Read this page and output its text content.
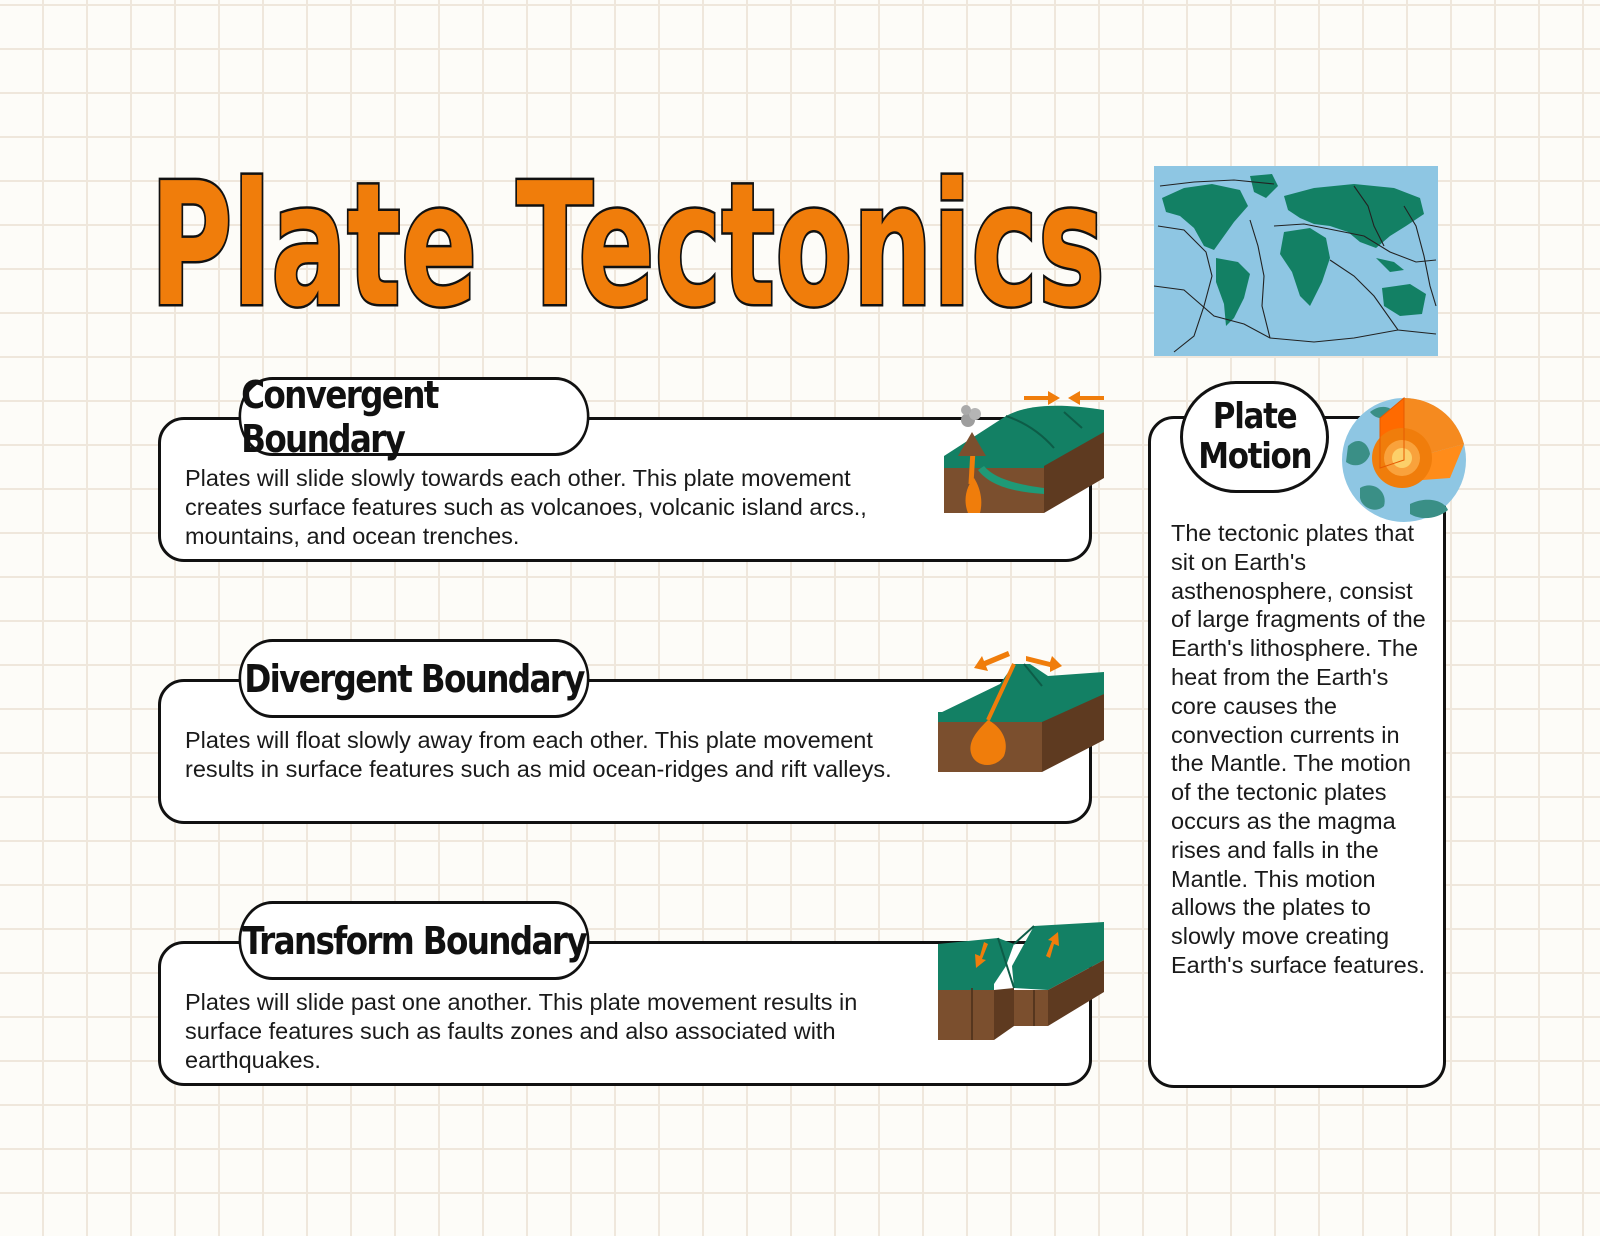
Plate Tectonics
Plates will slide slowly towards each other. This plate movement creates surface features such as volcanoes, volcanic island arcs., mountains, and ocean trenches.
Convergent Boundary
Plates will float slowly away from each other. This plate movement results in surface features such as mid ocean-ridges and rift valleys.
Divergent Boundary
Plates will slide past one another. This plate movement results in surface features such as faults zones and also associated with earthquakes.
Transform Boundary
The tectonic plates that sit on Earth's asthenosphere, consist of large fragments of the Earth's lithosphere. The heat from the Earth's core causes the convection currents in the Mantle. The motion of the tectonic plates occurs as the magma rises and falls in the Mantle. This motion allows the plates to slowly move creating Earth's surface features.
Plate
Motion
